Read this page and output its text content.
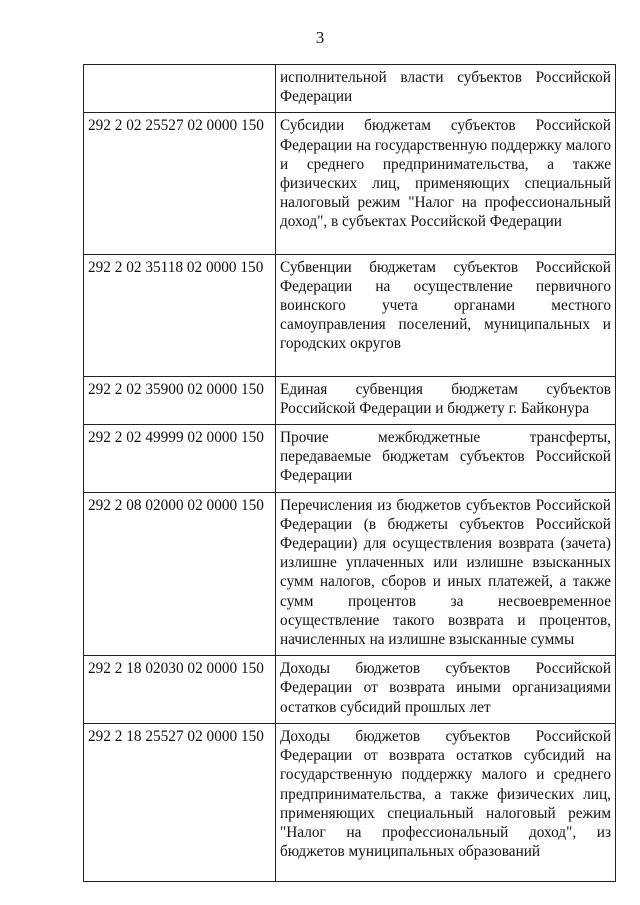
3
	исполнительной власти субъектов Российской Федерации
292 2 02 25527 02 0000 150	Субсидии бюджетам субъектов Российской Федерации на государственную поддержку малого и среднего предпринимательства, а также физических лиц, применяющих специальный налоговый режим "Налог на профессиональный доход", в субъектах Российской Федерации
292 2 02 35118 02 0000 150	Субвенции бюджетам субъектов Российской Федерации на осуществление первичного воинского учета органами местного самоуправления поселений, муниципальных и городских округов
292 2 02 35900 02 0000 150	Единая субвенция бюджетам субъектов Российской Федерации и бюджету г. Байконура
292 2 02 49999 02 0000 150	Прочие межбюджетные трансферты, передаваемые бюджетам субъектов Российской Федерации
292 2 08 02000 02 0000 150	Перечисления из бюджетов субъектов Российской Федерации (в бюджеты субъектов Российской Федерации) для осуществления возврата (зачета) излишне уплаченных или излишне взысканных сумм налогов, сборов и иных платежей, а также сумм процентов за несвоевременное осуществление такого возврата и процентов, начисленных на излишне взысканные суммы
292 2 18 02030 02 0000 150	Доходы бюджетов субъектов Российской Федерации от возврата иными организациями остатков субсидий прошлых лет
292 2 18 25527 02 0000 150	Доходы бюджетов субъектов Российской Федерации от возврата остатков субсидий на государственную поддержку малого и среднего предпринимательства, а также физических лиц, применяющих специальный налоговый режим "Налог на профессиональный доход", из бюджетов муниципальных образований
